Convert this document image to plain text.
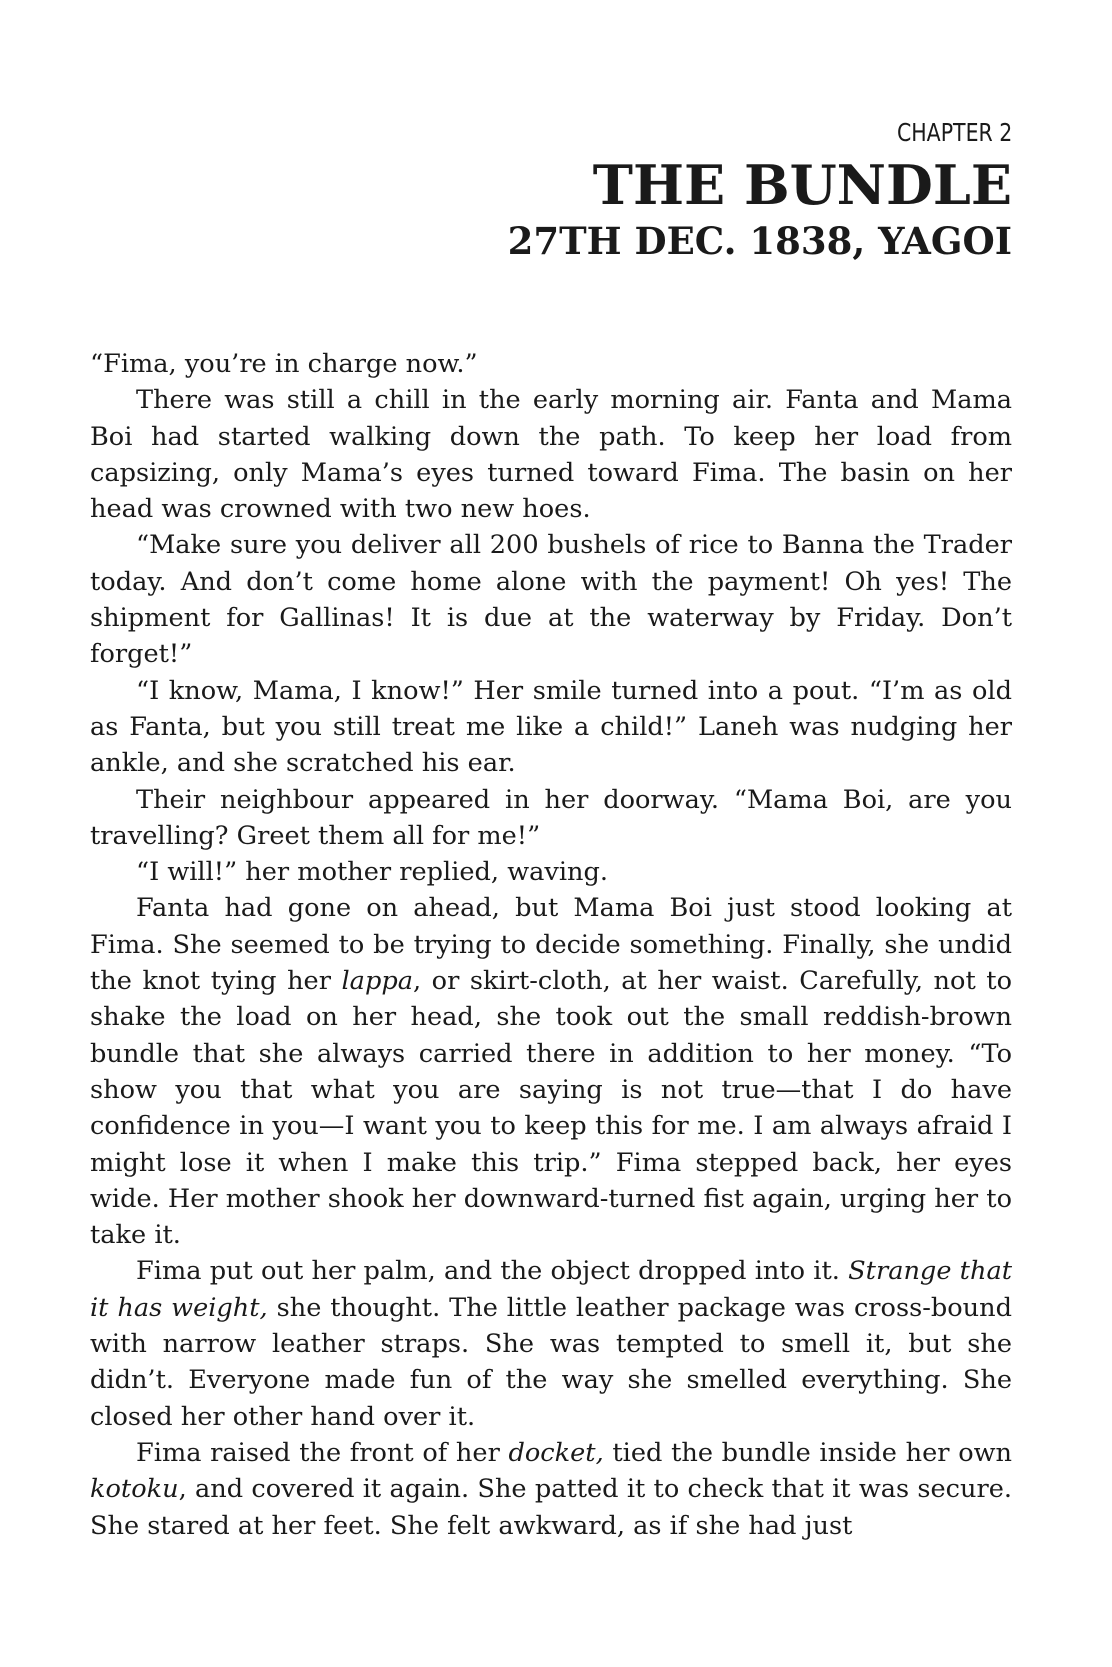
CHAPTER 2
THE BUNDLE
27TH DEC. 1838, YAGOI

“Fima, you’re in charge now.”

There was still a chill in the early morning air. Fanta and Mama Boi had started walking down the path. To keep her load from capsizing, only Mama’s eyes turned toward Fima. The basin on her head was crowned with two new hoes.

“Make sure you deliver all 200 bushels of rice to Banna the Trader today. And don’t come home alone with the payment! Oh yes! The shipment for Gallinas! It is due at the waterway by Friday. Don’t forget!”

“I know, Mama, I know!” Her smile turned into a pout. “I’m as old as Fanta, but you still treat me like a child!” Laneh was nudging her ankle, and she scratched his ear.

Their neighbour appeared in her doorway. “Mama Boi, are you travelling? Greet them all for me!”

“I will!” her mother replied, waving.

Fanta had gone on ahead, but Mama Boi just stood looking at Fima. She seemed to be trying to decide something. Finally, she undid the knot tying her lappa, or skirt-cloth, at her waist. Carefully, not to shake the load on her head, she took out the small reddish-brown bundle that she always carried there in addition to her money. “To show you that what you are saying is not true—that I do have confidence in you—I want you to keep this for me. I am always afraid I might lose it when I make this trip.” Fima stepped back, her eyes wide. Her mother shook her downward-turned fist again, urging her to take it.

Fima put out her palm, and the object dropped into it. Strange that it has weight, she thought. The little leather package was cross-bound with narrow leather straps. She was tempted to smell it, but she didn’t. Everyone made fun of the way she smelled everything. She closed her other hand over it.

Fima raised the front of her docket, tied the bundle inside her own kotoku, and covered it again. She patted it to check that it was secure. She stared at her feet. She felt awkward, as if she had just
